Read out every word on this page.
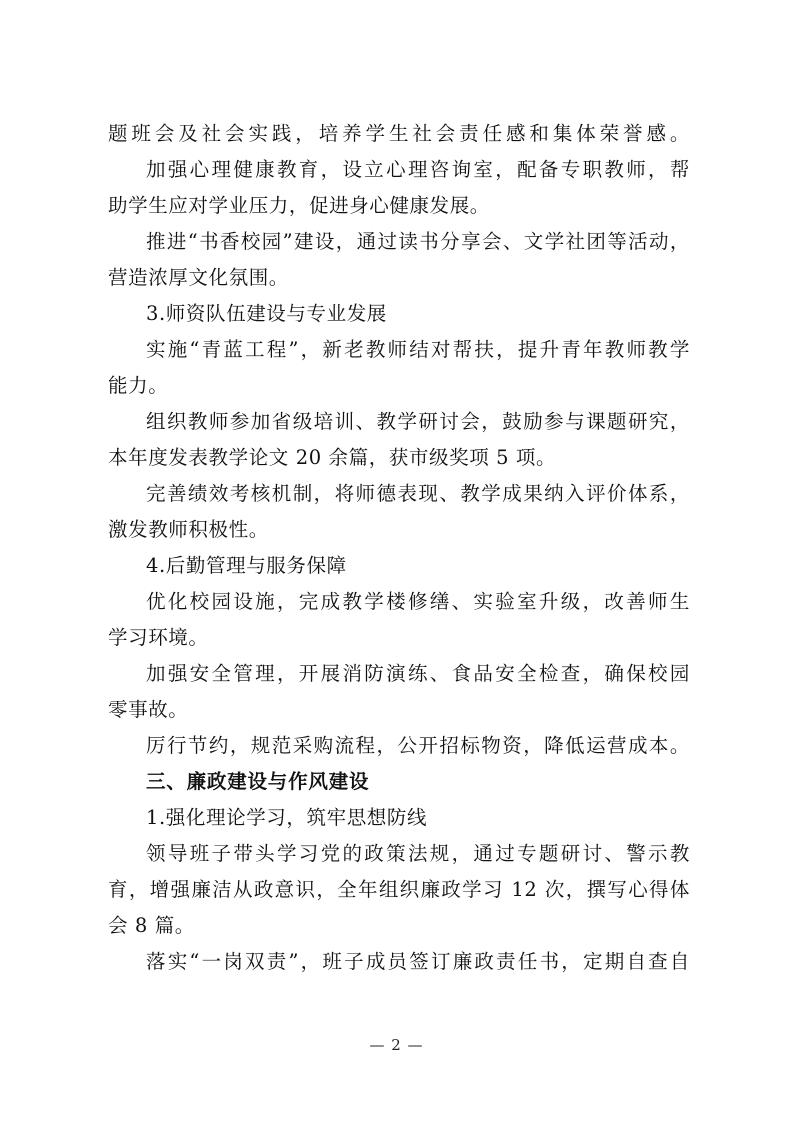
题班会及社会实践，培养学生社会责任感和集体荣誉感。
加强心理健康教育，设立心理咨询室，配备专职教师，帮
助学生应对学业压力，促进身心健康发展。
推进“书香校园”建设，通过读书分享会、文学社团等活动，
营造浓厚文化氛围。
3.师资队伍建设与专业发展
实施“青蓝工程”，新老教师结对帮扶，提升青年教师教学
能力。
组织教师参加省级培训、教学研讨会，鼓励参与课题研究，
本年度发表教学论文 20 余篇，获市级奖项 5 项。
完善绩效考核机制，将师德表现、教学成果纳入评价体系，
激发教师积极性。
4.后勤管理与服务保障
优化校园设施，完成教学楼修缮、实验室升级，改善师生
学习环境。
加强安全管理，开展消防演练、食品安全检查，确保校园
零事故。
厉行节约，规范采购流程，公开招标物资，降低运营成本。
三、廉政建设与作风建设
1.强化理论学习，筑牢思想防线
领导班子带头学习党的政策法规，通过专题研讨、警示教
育，增强廉洁从政意识，全年组织廉政学习 12 次，撰写心得体
会 8 篇。
落实“一岗双责”，班子成员签订廉政责任书，定期自查自
— 2 —
